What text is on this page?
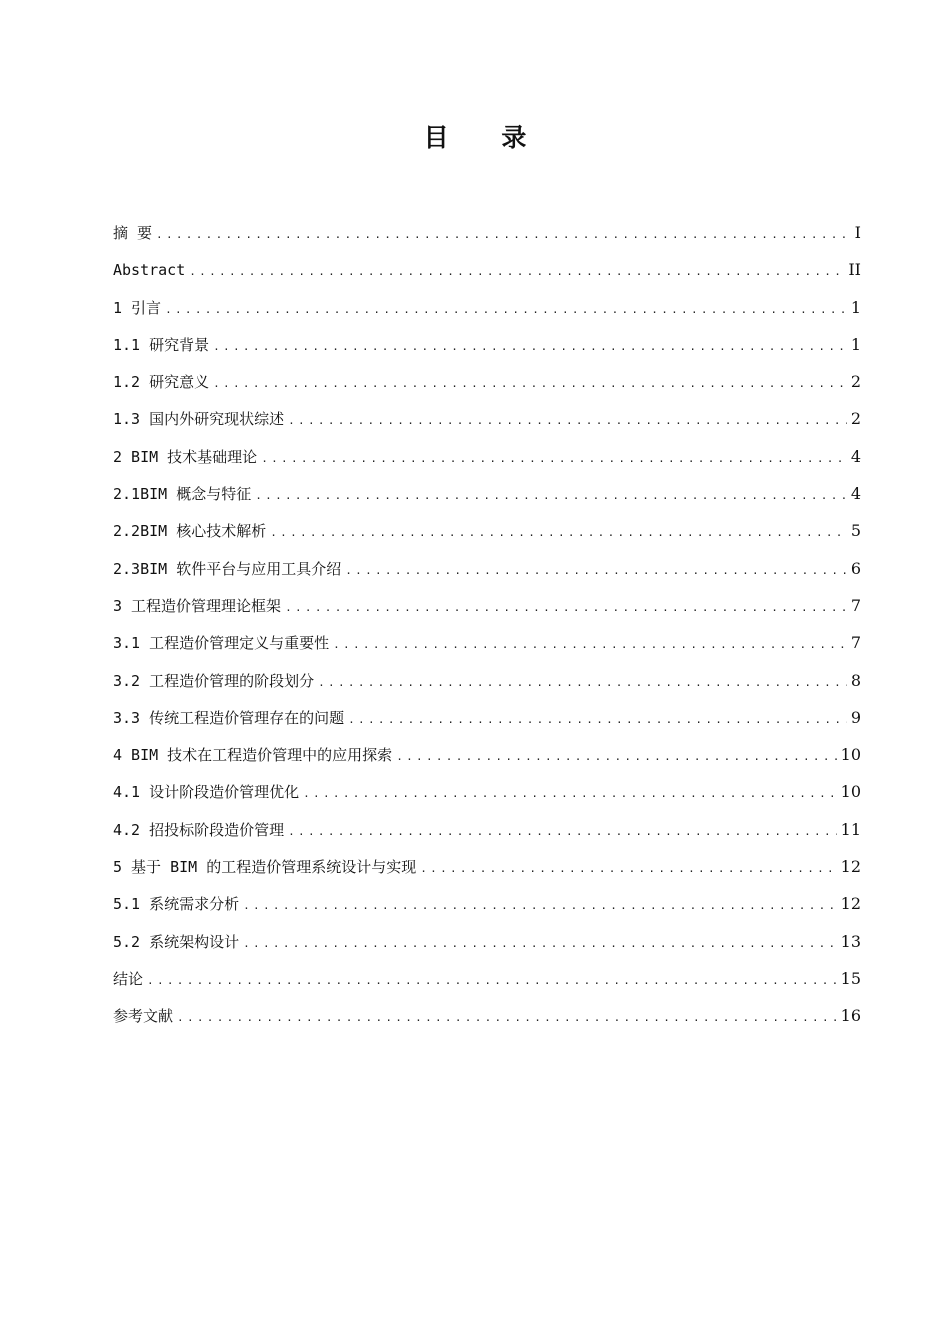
目 录
摘 要 .....	I
Abstract .....	II
1 引言 .....	1
1.1 研究背景 .....	1
1.2 研究意义 .....	2
1.3 国内外研究现状综述 .....	2
2 BIM 技术基础理论 .....	4
2.1BIM 概念与特征 .....	4
2.2BIM 核心技术解析 .....	5
2.3BIM 软件平台与应用工具介绍 .....	6
3 工程造价管理理论框架 .....	7
3.1 工程造价管理定义与重要性 .....	7
3.2 工程造价管理的阶段划分 .....	8
3.3 传统工程造价管理存在的问题 .....	9
4 BIM 技术在工程造价管理中的应用探索 .....	10
4.1 设计阶段造价管理优化 .....	10
4.2 招投标阶段造价管理 .....	11
5 基于 BIM 的工程造价管理系统设计与实现 .....	12
5.1 系统需求分析 .....	12
5.2 系统架构设计 .....	13
结论 .....	15
参考文献 .....	16
